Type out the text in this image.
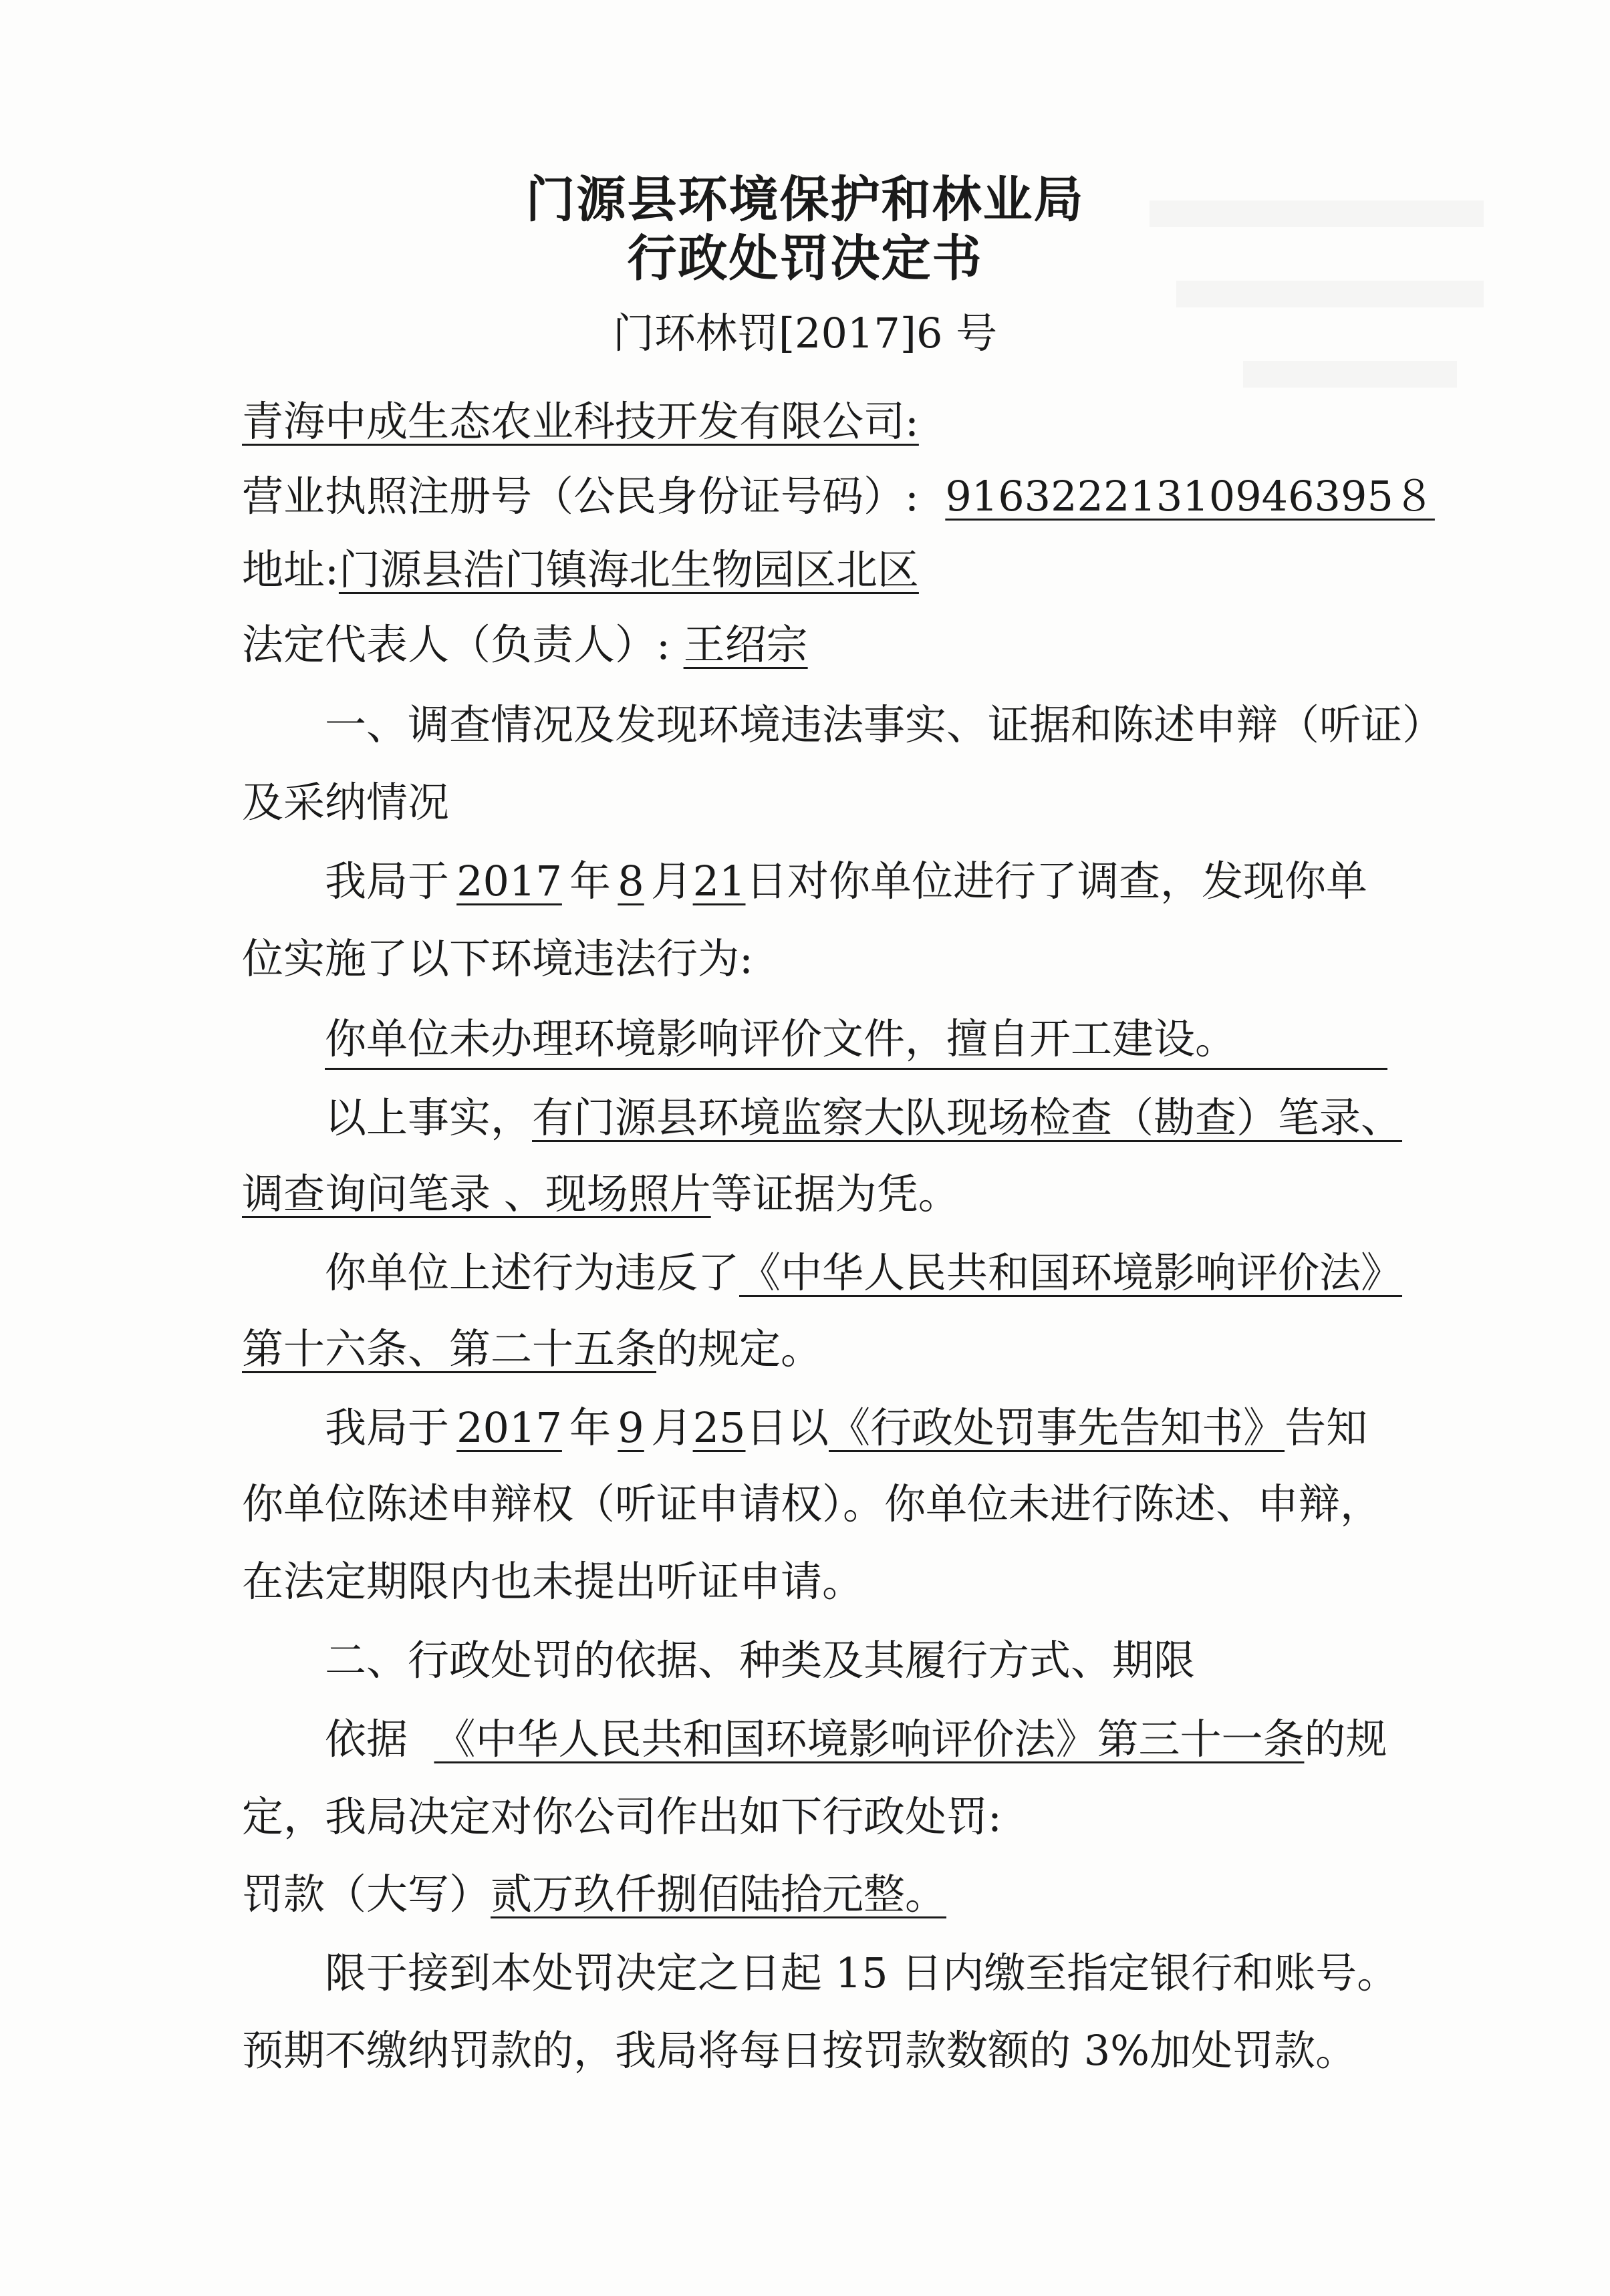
门源县环境保护和林业局
行政处罚决定书
门环林罚[2017]6 号
青海中成生态农业科技开发有限公司:
营业执照注册号（公民身份证号码）: 91632221310946395８
地址:门源县浩门镇海北生物园区北区
法定代表人（负责人）: 王绍宗
一、调查情况及发现环境违法事实、证据和陈述申辩（听证）
及采纳情况
我局于 2017 年 8 月21日对你单位进行了调查，发现你单
位实施了以下环境违法行为:
你单位未办理环境影响评价文件，擅自开工建设。
以上事实，有门源县环境监察大队现场检查（勘查）笔录、
调查询问笔录 、现场照片等证据为凭。
你单位上述行为违反了《中华人民共和国环境影响评价法》
第十六条、第二十五条的规定。
我局于 2017 年 9 月25日以《行政处罚事先告知书》告知
你单位陈述申辩权（听证申请权）。你单位未进行陈述、申辩，
在法定期限内也未提出听证申请。
二、行政处罚的依据、种类及其履行方式、期限
依据 《中华人民共和国环境影响评价法》第三十一条的规
定，我局决定对你公司作出如下行政处罚:
罚款（大写）贰万玖仟捌佰陆拾元整。
限于接到本处罚决定之日起 15 日内缴至指定银行和账号。
预期不缴纳罚款的，我局将每日按罚款数额的 3%加处罚款。
